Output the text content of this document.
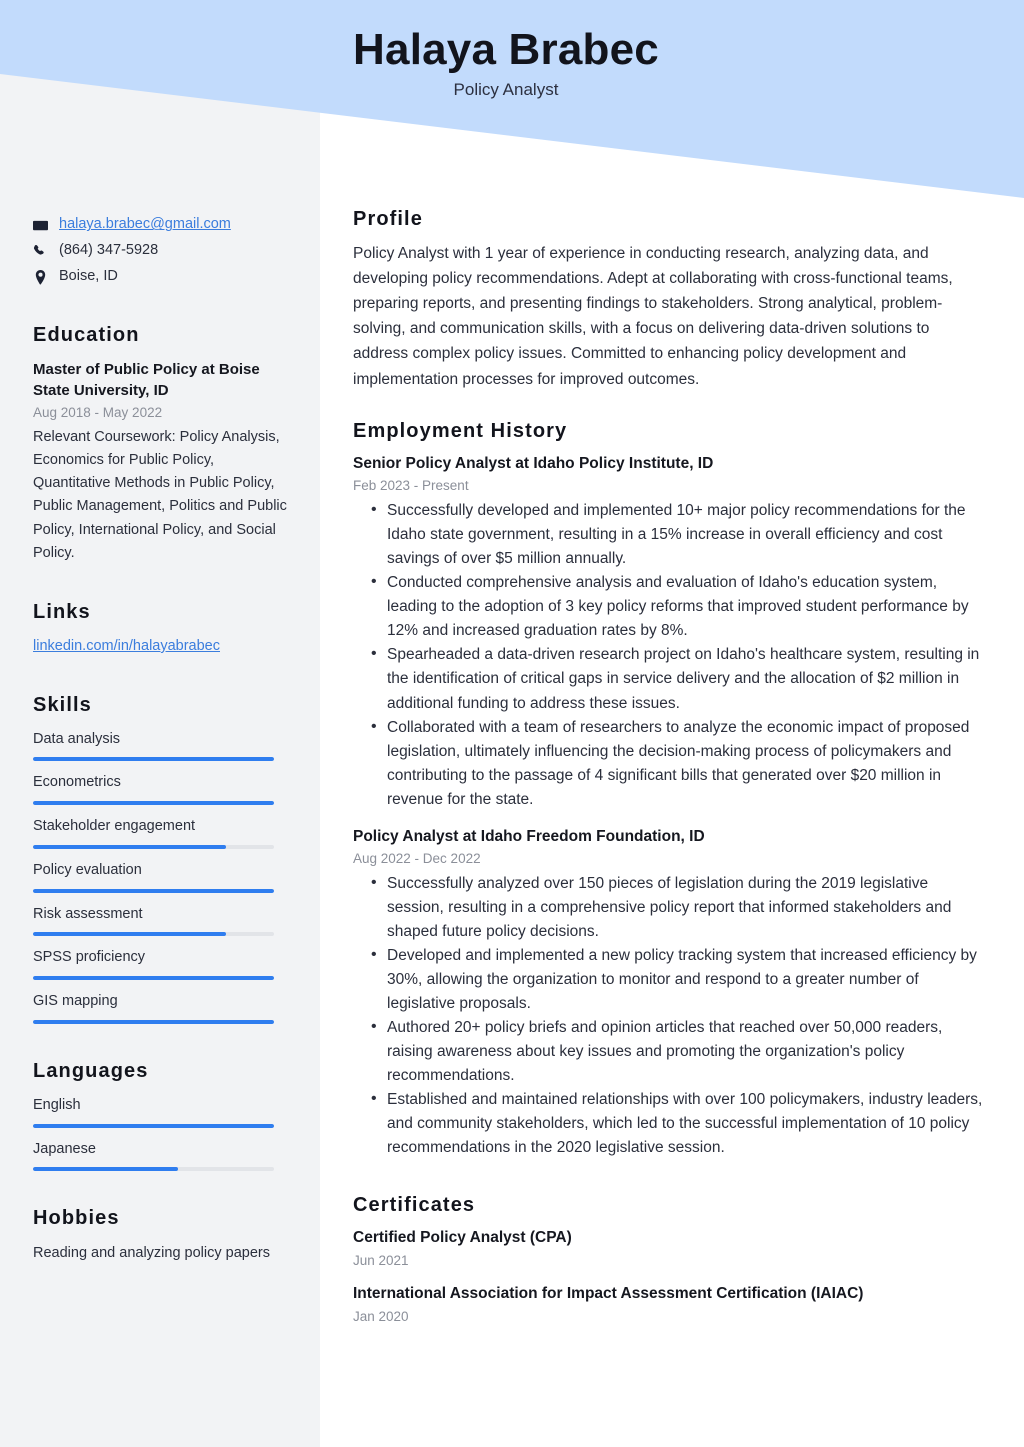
Halaya Brabec
Policy Analyst
halaya.brabec@gmail.com
(864) 347-5928
Boise, ID
Education
Master of Public Policy at Boise State University, ID
Aug 2018 - May 2022
Relevant Coursework: Policy Analysis, Economics for Public Policy, Quantitative Methods in Public Policy, Public Management, Politics and Public Policy, International Policy, and Social Policy.
Links
linkedin.com/in/halayabrabec
Skills
Data analysis
Econometrics
Stakeholder engagement
Policy evaluation
Risk assessment
SPSS proficiency
GIS mapping
Languages
English
Japanese
Hobbies
Reading and analyzing policy papers
Profile
Policy Analyst with 1 year of experience in conducting research, analyzing data, and developing policy recommendations. Adept at collaborating with cross-functional teams, preparing reports, and presenting findings to stakeholders. Strong analytical, problem-solving, and communication skills, with a focus on delivering data-driven solutions to address complex policy issues. Committed to enhancing policy development and implementation processes for improved outcomes.
Employment History
Senior Policy Analyst at Idaho Policy Institute, ID
Feb 2023 - Present
• Successfully developed and implemented 10+ major policy recommendations for the Idaho state government, resulting in a 15% increase in overall efficiency and cost savings of over $5 million annually.
• Conducted comprehensive analysis and evaluation of Idaho's education system, leading to the adoption of 3 key policy reforms that improved student performance by 12% and increased graduation rates by 8%.
• Spearheaded a data-driven research project on Idaho's healthcare system, resulting in the identification of critical gaps in service delivery and the allocation of $2 million in additional funding to address these issues.
• Collaborated with a team of researchers to analyze the economic impact of proposed legislation, ultimately influencing the decision-making process of policymakers and contributing to the passage of 4 significant bills that generated over $20 million in revenue for the state.
Policy Analyst at Idaho Freedom Foundation, ID
Aug 2022 - Dec 2022
• Successfully analyzed over 150 pieces of legislation during the 2019 legislative session, resulting in a comprehensive policy report that informed stakeholders and shaped future policy decisions.
• Developed and implemented a new policy tracking system that increased efficiency by 30%, allowing the organization to monitor and respond to a greater number of legislative proposals.
• Authored 20+ policy briefs and opinion articles that reached over 50,000 readers, raising awareness about key issues and promoting the organization's policy recommendations.
• Established and maintained relationships with over 100 policymakers, industry leaders, and community stakeholders, which led to the successful implementation of 10 policy recommendations in the 2020 legislative session.
Certificates
Certified Policy Analyst (CPA)
Jun 2021
International Association for Impact Assessment Certification (IAIAC)
Jan 2020
